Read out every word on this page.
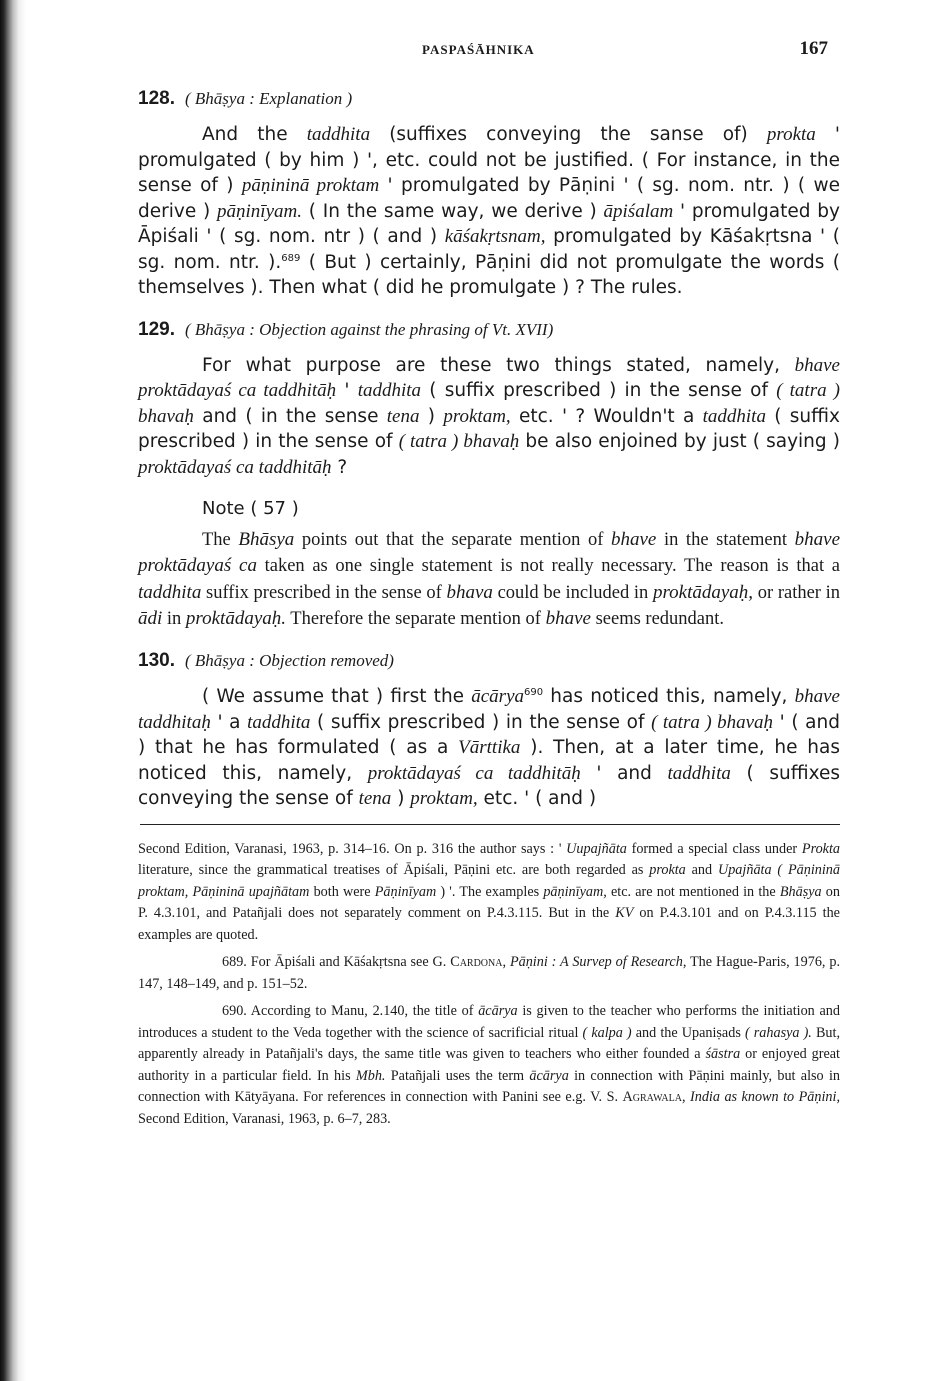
PASPAŚĀHNIKA	167
128. ( Bhāṣya : Explanation )

And the taddhita (suffixes conveying the sanse of) prokta ' promulgated ( by him ) ', etc. could not be justified. ( For instance, in the sense of ) pāṇininā proktam ' promulgated by Pāṇini ' ( sg. nom. ntr. ) ( we derive ) pāṇinīyam. ( In the same way, we derive ) āpiśalam ' promulgated by Āpiśali ' ( sg. nom. ntr ) ( and ) kāśakṛtsnam, promulgated by Kāśakṛtsna ' ( sg. nom. ntr. ).$^{689}$ ( But ) certainly, Pāṇini did not promulgate the words ( themselves ). Then what ( did he promulgate ) ? The rules.

129. ( Bhāṣya : Objection against the phrasing of Vt. XVII)

For what purpose are these two things stated, namely, bhave proktādayaś ca taddhitāḥ ' taddhita ( suffix prescribed ) in the sense of ( tatra ) bhavaḥ and ( in the sense tena ) proktam, etc. ' ? Wouldn't a taddhita ( suffix prescribed ) in the sense of ( tatra ) bhavaḥ be also enjoined by just ( saying ) proktādayaś ca taddhitāḥ ?

Note ( 57 )

The Bhāsya points out that the separate mention of bhave in the statement bhave proktādayaś ca taken as one single statement is not really necessary. The reason is that a taddhita suffix prescribed in the sense of bhava could be included in proktādayaḥ, or rather in ādi in proktādayaḥ. Therefore the separate mention of bhave seems redundant.

130. ( Bhāṣya : Objection removed)

( We assume that ) first the ācārya$^{690}$ has noticed this, namely, bhave taddhitaḥ ' a taddhita ( suffix prescribed ) in the sense of ( tatra ) bhavaḥ ' ( and ) that he has formulated ( as a Vārttika ). Then, at a later time, he has noticed this, namely, proktādayaś ca taddhitāḥ ' and taddhita ( suffixes conveying the sense of tena ) proktam, etc. ' ( and )

Second Edition, Varanasi, 1963, p. 314–16. On p. 316 the author says : ' Uupajñāta formed a special class under Prokta literature, since the grammatical treatises of Āpiśali, Pāṇini etc. are both regarded as prokta and Upajñāta ( Pāṇininā proktam, Pāṇininā upajñātam both were Pāṇinīyam ) '. The examples pāṇinīyam, etc. are not mentioned in the Bhāṣya on P. 4.3.101, and Patañjali does not separately comment on P.4.3.115. But in the KV on P.4.3.101 and on P.4.3.115 the examples are quoted.

689. For Āpiśali and Kāśakṛtsna see G. Cardona, Pāṇini : A Survep of Research, The Hague-Paris, 1976, p. 147, 148–149, and p. 151–52.

690. According to Manu, 2.140, the title of ācārya is given to the teacher who performs the initiation and introduces a student to the Veda together with the science of sacrificial ritual ( kalpa ) and the Upaniṣads ( rahasya ). But, apparently already in Patañjali's days, the same title was given to teachers who either founded a śāstra or enjoyed great authority in a particular field. In his Mbh. Patañjali uses the term ācārya in connection with Pāṇini mainly, but also in connection with Kātyāyana. For references in connection with Panini see e.g. V. S. Agrawala, India as known to Pāṇini, Second Edition, Varanasi, 1963, p. 6–7, 283.
